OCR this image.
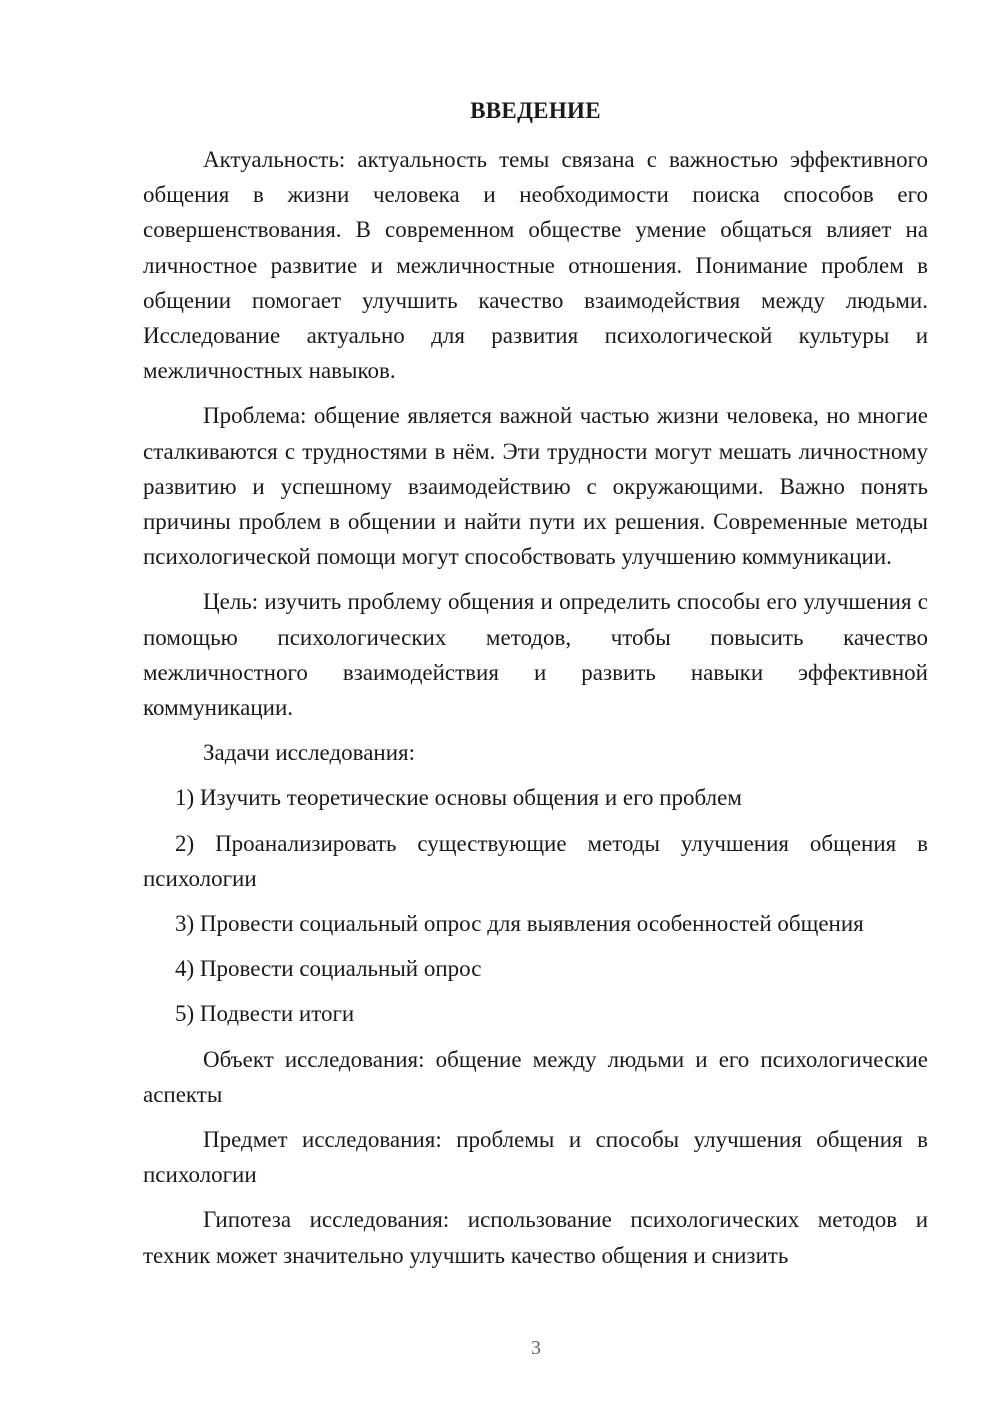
ВВЕДЕНИЕ

Актуальность: актуальность темы связана с важностью эффективного общения в жизни человека и необходимости поиска способов его совершенствования. В современном обществе умение общаться влияет на личностное развитие и межличностные отношения. Понимание проблем в общении помогает улучшить качество взаимодействия между людьми. Исследование актуально для развития психологической культуры и межличностных навыков.

Проблема: общение является важной частью жизни человека, но многие сталкиваются с трудностями в нём. Эти трудности могут мешать личностному развитию и успешному взаимодействию с окружающими. Важно понять причины проблем в общении и найти пути их решения. Современные методы психологической помощи могут способствовать улучшению коммуникации.

Цель: изучить проблему общения и определить способы его улучшения с помощью психологических методов, чтобы повысить качество межличностного взаимодействия и развить навыки эффективной коммуникации.

Задачи исследования:

1) Изучить теоретические основы общения и его проблем

2) Проанализировать существующие методы улучшения общения в психологии

3) Провести социальный опрос для выявления особенностей общения

4) Провести социальный опрос

5) Подвести итоги

Объект исследования: общение между людьми и его психологические аспекты

Предмет исследования: проблемы и способы улучшения общения в психологии

Гипотеза исследования: использование психологических методов и техник может значительно улучшить качество общения и снизить

3
